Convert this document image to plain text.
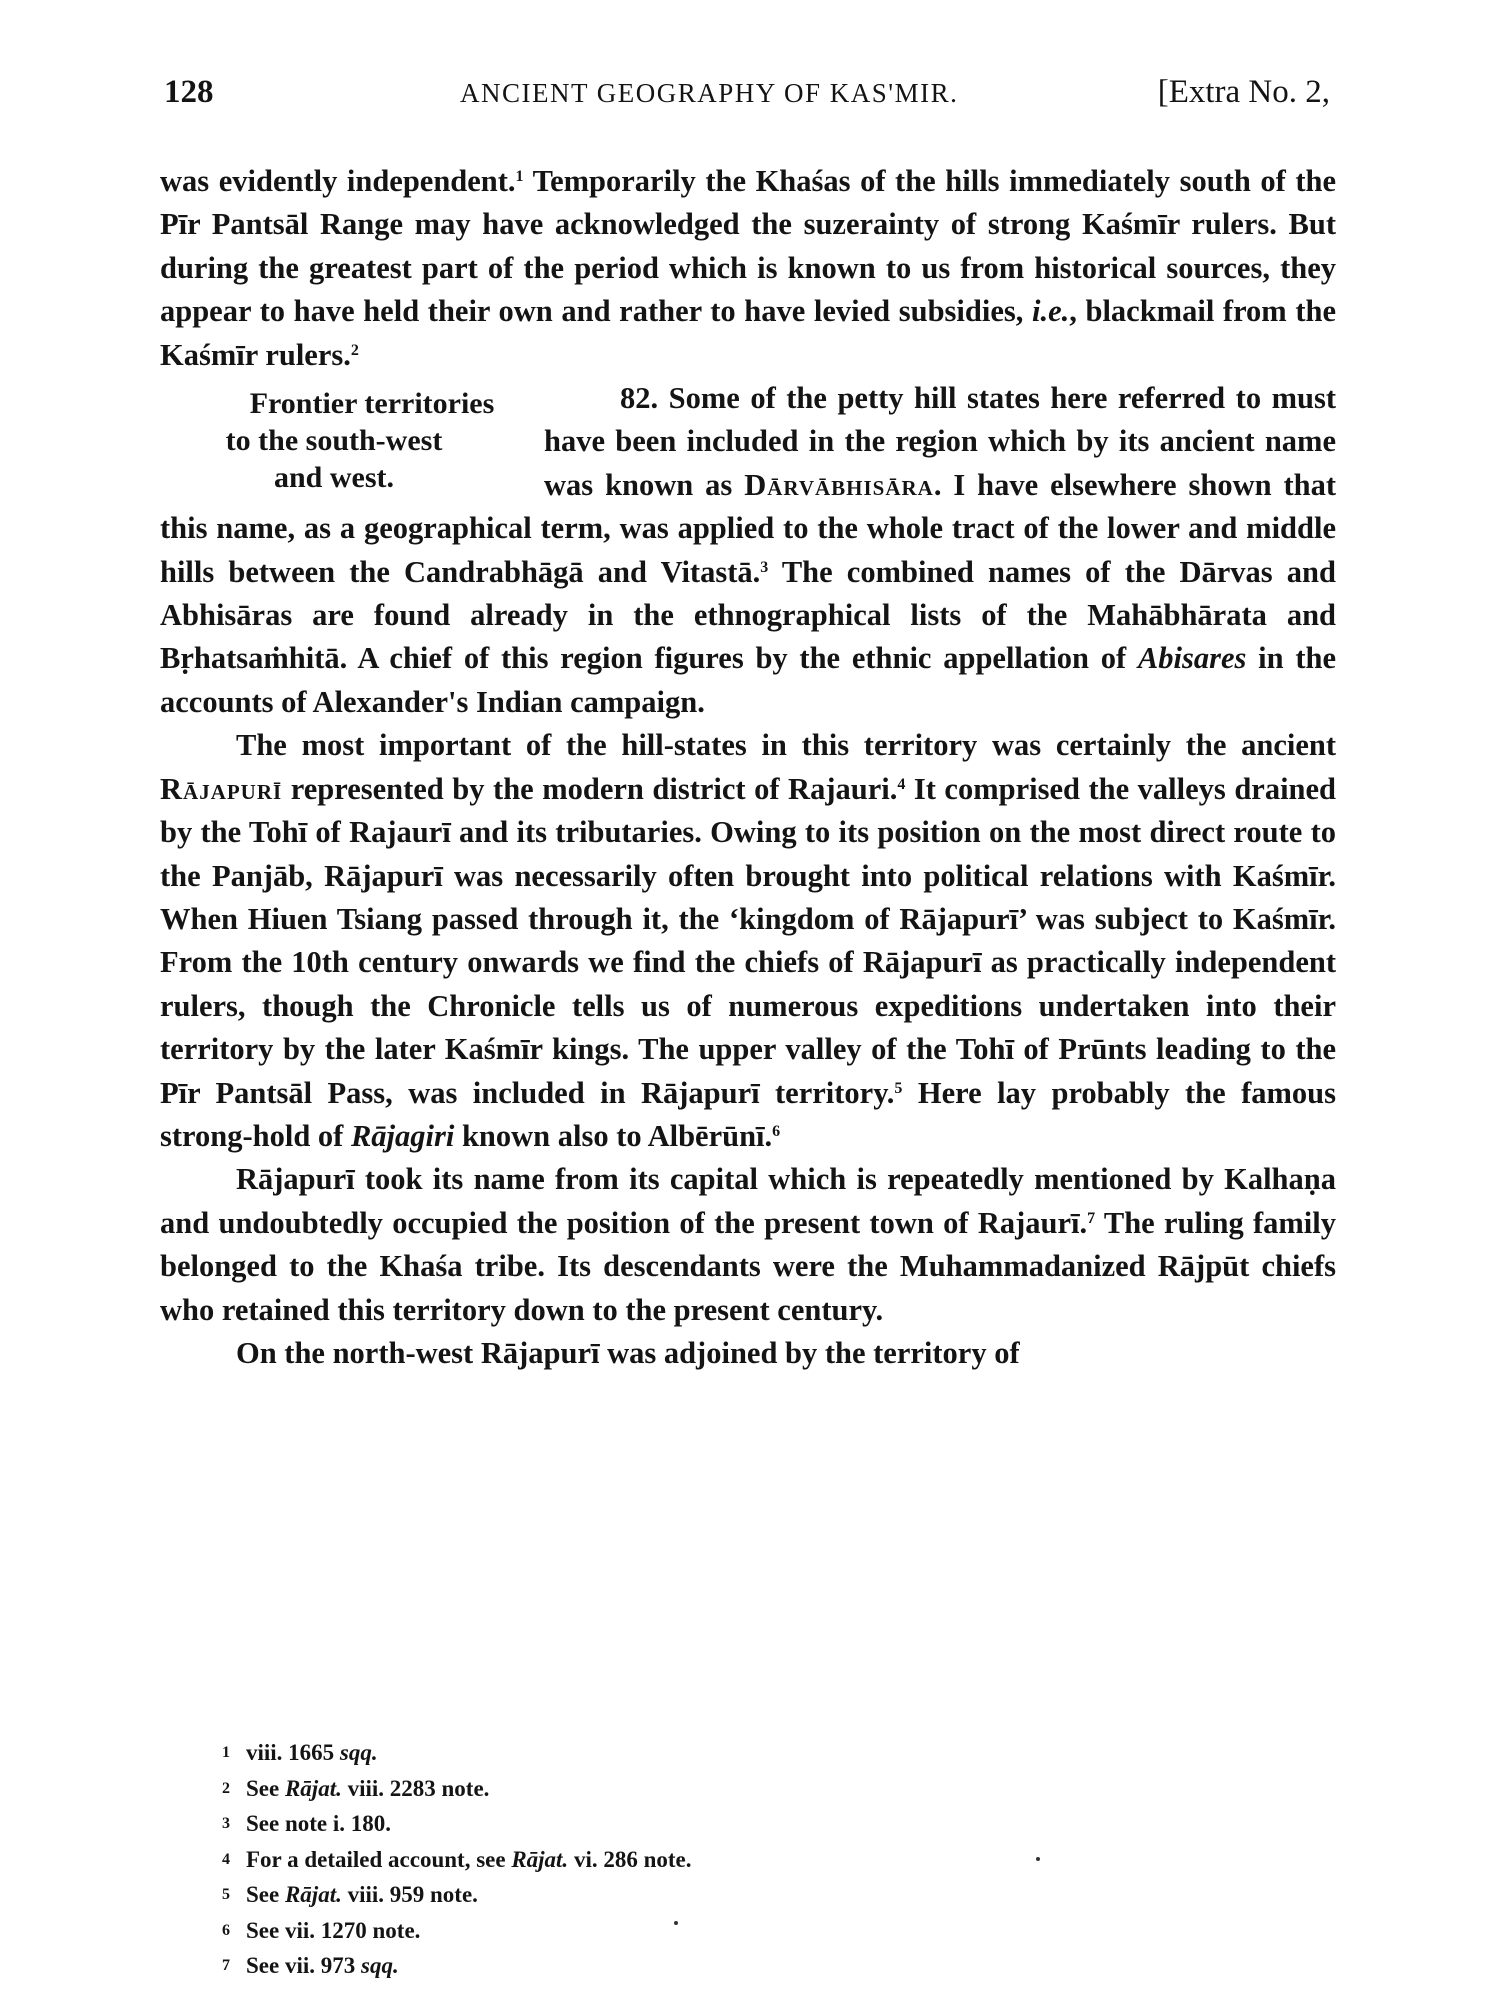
128	ANCIENT GEOGRAPHY OF KAS'MIR.	[Extra No. 2,

was evidently independent.$^1$ Temporarily the Khaśas of the hills immediately south of the Pīr Pantsāl Range may have acknowledged the suzerainty of strong Kaśmīr rulers. But during the greatest part of the period which is known to us from historical sources, they appear to have held their own and rather to have levied subsidies, i.e., blackmail from the Kaśmīr rulers.$^2$

Frontier territories
to the south-west
and west.
82. Some of the petty hill states here referred to must have been included in the region which by its ancient name was known as Dārvābhisāra. I have elsewhere shown that this name, as a geographical term, was applied to the whole tract of the lower and middle hills between the Candrabhāgā and Vitastā.$^3$ The combined names of the Dārvas and Abhisāras are found already in the ethnographical lists of the Mahābhārata and Bṛhatsaṁhitā. A chief of this region figures by the ethnic appellation of Abisares in the accounts of Alexander's Indian campaign.

The most important of the hill-states in this territory was certainly the ancient Rājapurī represented by the modern district of Rajauri.$^4$ It comprised the valleys drained by the Tohī of Rajaurī and its tributaries. Owing to its position on the most direct route to the Panjāb, Rājapurī was necessarily often brought into political relations with Kaśmīr. When Hiuen Tsiang passed through it, the ‘kingdom of Rājapurī’ was subject to Kaśmīr. From the 10th century onwards we find the chiefs of Rājapurī as practically independent rulers, though the Chronicle tells us of numerous expeditions undertaken into their territory by the later Kaśmīr kings. The upper valley of the Tohī of Prūnts leading to the Pīr Pantsāl Pass, was included in Rājapurī territory.$^5$ Here lay probably the famous strong-hold of Rājagiri known also to Albērūnī.$^6$

Rājapurī took its name from its capital which is repeatedly mentioned by Kalhaṇa and undoubtedly occupied the position of the present town of Rajaurī.$^7$ The ruling family belonged to the Khaśa tribe. Its descendants were the Muhammadanized Rājpūt chiefs who retained this territory down to the present century.

On the north-west Rājapurī was adjoined by the territory of

1 viii. 1665 sqq.
2 See Rājat. viii. 2283 note.
3 See note i. 180.
4 For a detailed account, see Rājat. vi. 286 note.
5 See Rājat. viii. 959 note.
6 See vii. 1270 note.
7 See vii. 973 sqq.
